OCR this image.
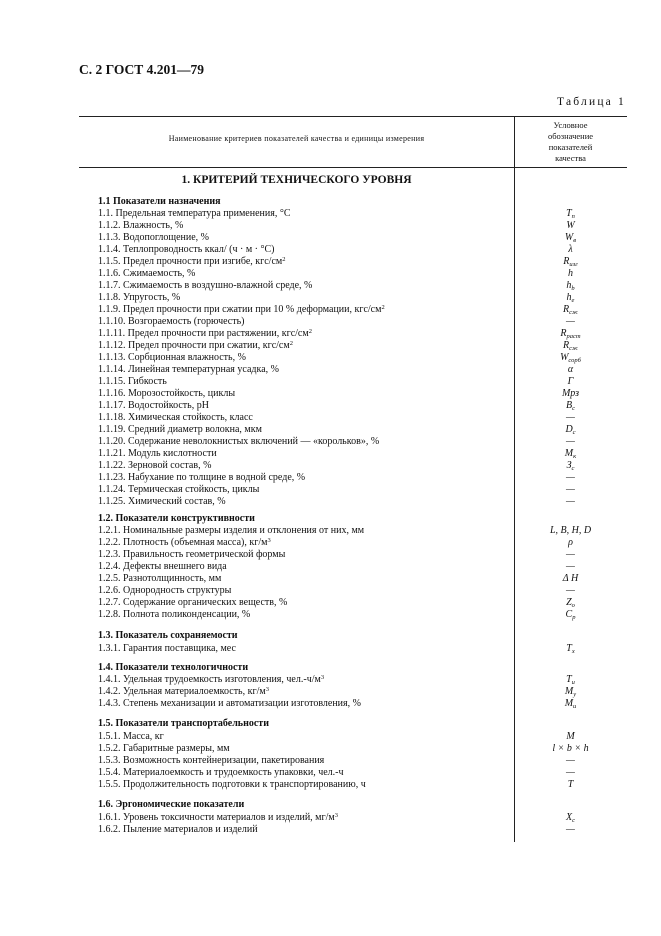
С. 2 ГОСТ 4.201—79
Таблица 1
Наименование критериев показателей качества и единицы измерения
Условное
обозначение
показателей
качества
1. КРИТЕРИЙ ТЕХНИЧЕСКОГО УРОВНЯ
1.1 Показатели назначения
1.1. Предельная температура применения, °С	$T_п$
1.1.2. Влажность, %	W
1.1.3. Водопоглощение, %	$W_в$
1.1.4. Теплопроводность ккал/ (ч · м · °С)	λ
1.1.5. Предел прочности при изгибе, кгс/$см^2$	$R_{изг}$
1.1.6. Сжимаемость, %	h
1.1.7. Сжимаемость в воздушно-влажной среде, %	$h_b$
1.1.8. Упругость, %	$h_e$
1.1.9. Предел прочности при сжатии при 10 % деформации, кгс/$см^2$	$R_{сж}$
1.1.10. Возгораемость (горючесть)	—
1.1.11. Предел прочности при растяжении, кгс/$см^2$	$R_{раст}$
1.1.12. Предел прочности при сжатии, кгс/$см^2$	$R_{сж}$
1.1.13. Сорбционная влажность, %	$W_{сорб}$
1.1.14. Линейная температурная усадка, %	α
1.1.15. Гибкость	Г
1.1.16. Морозостойкость, циклы	Мрз
1.1.17. Водостойкость, рН	$B_c$
1.1.18. Химическая стойкость, класс	—
1.1.19. Средний диаметр волокна, мкм	$D_c$
1.1.20. Содержание неволокнистых включений — «корольков», %	—
1.1.21. Модуль кислотности	$M_к$
1.1.22. Зерновой состав, %	$З_с$
1.1.23. Набухание по толщине в водной среде, %	—
1.1.24. Термическая стойкость, циклы	—
1.1.25. Химический состав, %	—
1.2. Показатели конструктивности
1.2.1. Номинальные размеры изделия и отклонения от них, мм	L, B, H, D
1.2.2. Плотность (объемная масса), $кг/м^3$	ρ
1.2.3. Правильность геометрической формы	—
1.2.4. Дефекты внешнего вида	—
1.2.5. Разнотолщинность, мм	Δ H
1.2.6. Однородность структуры	—
1.2.7. Содержание органических веществ, %	$Z_о$
1.2.8. Полнота поликонденсации, %	$C_р$
1.3. Показатель сохраняемости
1.3.1. Гарантия поставщика, мес	$T_х$
1.4. Показатели технологичности
1.4.1. Удельная трудоемкость изготовления, $чел.-ч/м^3$	$T_и$
1.4.2. Удельная материалоемкость, $кг/м^3$	$M_у$
1.4.3. Степень механизации и автоматизации изготовления, %	$M_и$
1.5. Показатели транспортабельности
1.5.1. Масса, кг	M
1.5.2. Габаритные размеры, мм	l × b × h
1.5.3. Возможность контейнеризации, пакетирования	—
1.5.4. Материалоемкость и трудоемкость упаковки, чел.-ч	—
1.5.5. Продолжительность подготовки к транспортированию, ч	T
1.6. Эргономические показатели
1.6.1. Уровень токсичности материалов и изделий, $мг/м^3$	$X_c$
1.6.2. Пыление материалов и изделий	—
